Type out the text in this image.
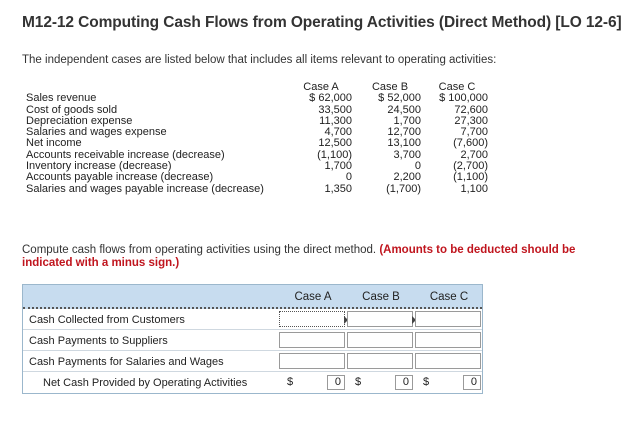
M12-12 Computing Cash Flows from Operating Activities (Direct Method) [LO 12-6]
The independent cases are listed below that includes all items relevant to operating activities:
Case A	Case B	Case C
Sales revenue	$ 62,000	$ 52,000	$ 100,000
Cost of goods sold	33,500	24,500	72,600
Depreciation expense	11,300	1,700	27,300
Salaries and wages expense	4,700	12,700	7,700
Net income	12,500	13,100	(7,600)
Accounts receivable increase (decrease)	(1,100)	3,700	2,700
Inventory increase (decrease)	1,700	0	(2,700)
Accounts payable increase (decrease)	0	2,200	(1,100)
Salaries and wages payable increase (decrease)	1,350	(1,700)	1,100
Compute cash flows from operating activities using the direct method. (Amounts to be deducted should be indicated with a minus sign.)
Case A	Case B	Case C
Cash Collected from Customers
Cash Payments to Suppliers
Cash Payments for Salaries and Wages
Net Cash Provided by Operating Activities	$	0 $	0 $	0
